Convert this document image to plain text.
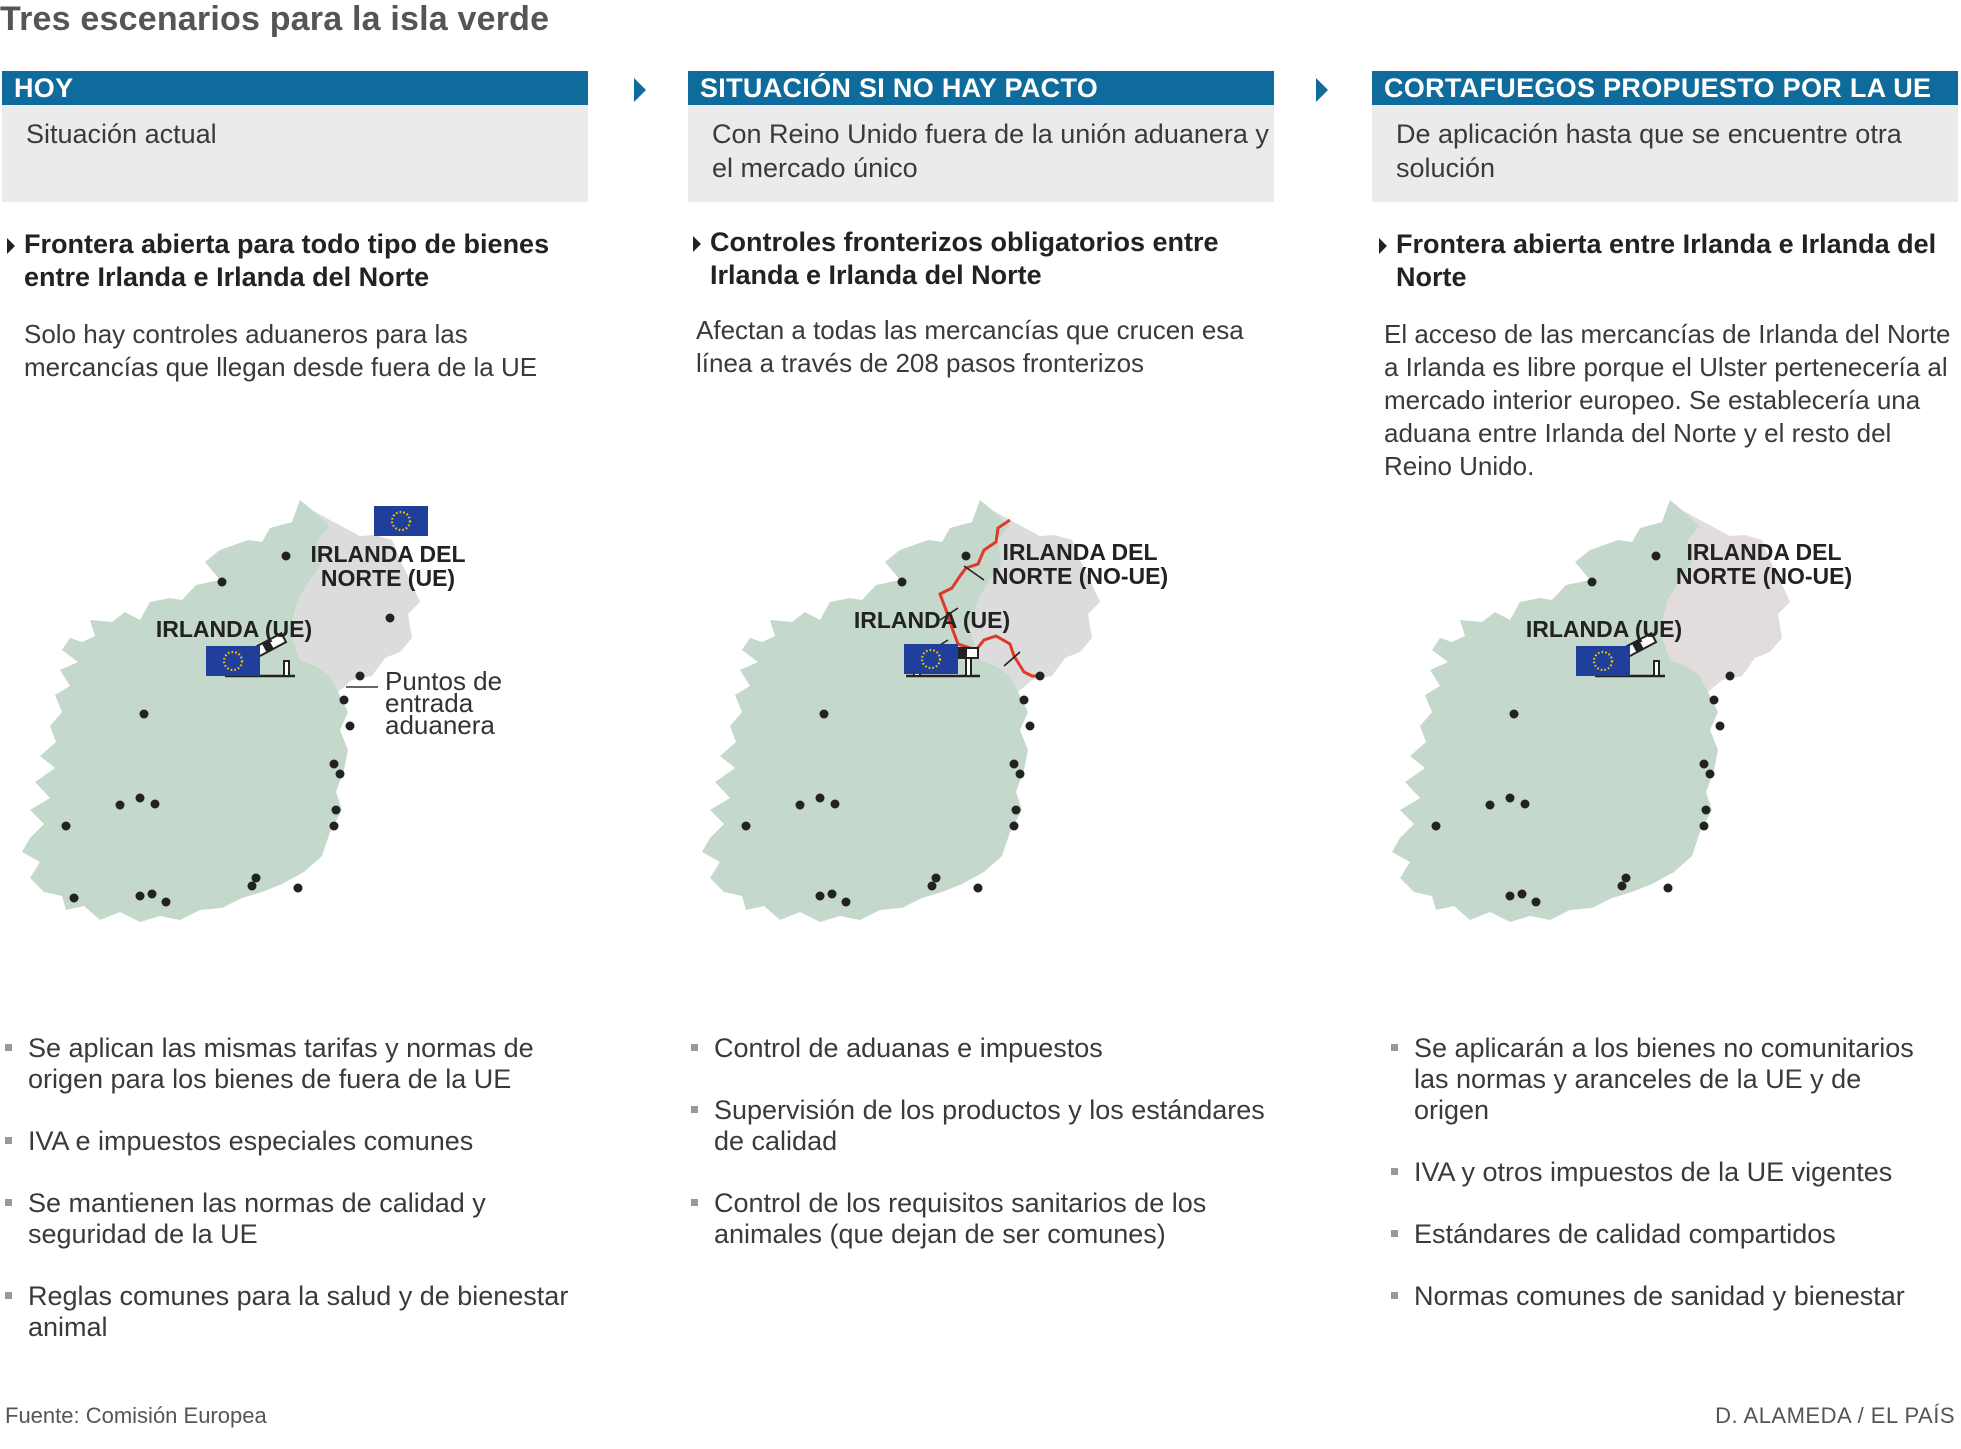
Tres escenarios para la isla verde
HOY
Situación actual
Frontera abierta para todo tipo de bienes entre Irlanda e Irlanda del Norte
Solo hay controles aduaneros para las mercancías que llegan desde fuera de la UE
IRLANDA DEL
NORTE (UE)
IRLANDA (UE)
Puntos de
entrada
aduanera
Se aplican las mismas tarifas y normas de origen para los bienes de fuera de la UE
IVA e impuestos especiales comunes
Se mantienen las normas de calidad y seguridad de la UE
Reglas comunes para la salud y de bienestar animal
SITUACIÓN SI NO HAY PACTO
Con Reino Unido fuera de la unión aduanera y el mercado único
Controles fronterizos obligatorios entre Irlanda e Irlanda del Norte
Afectan a todas las mercancías que crucen esa línea a través de 208 pasos fronterizos
IRLANDA DEL
NORTE (NO-UE)
IRLANDA (UE)
Control de aduanas e impuestos
Supervisión de los productos y los estándares de calidad
Control de los requisitos sanitarios de los animales (que dejan de ser comunes)
CORTAFUEGOS PROPUESTO POR LA UE
De aplicación hasta que se encuentre otra solución
Frontera abierta entre Irlanda e Irlanda del Norte
El acceso de las mercancías de Irlanda del Norte a Irlanda es libre porque el Ulster pertenecería al mercado interior europeo. Se establecería una aduana entre Irlanda del Norte y el resto del Reino Unido.
IRLANDA DEL
NORTE (NO-UE)
IRLANDA (UE)
Se aplicarán a los bienes no comunitarios las normas y aranceles de la UE y de origen
IVA y otros impuestos de la UE vigentes
Estándares de calidad compartidos
Normas comunes de sanidad y bienestar
Fuente: Comisión Europea	D. ALAMEDA / EL PAÍS
